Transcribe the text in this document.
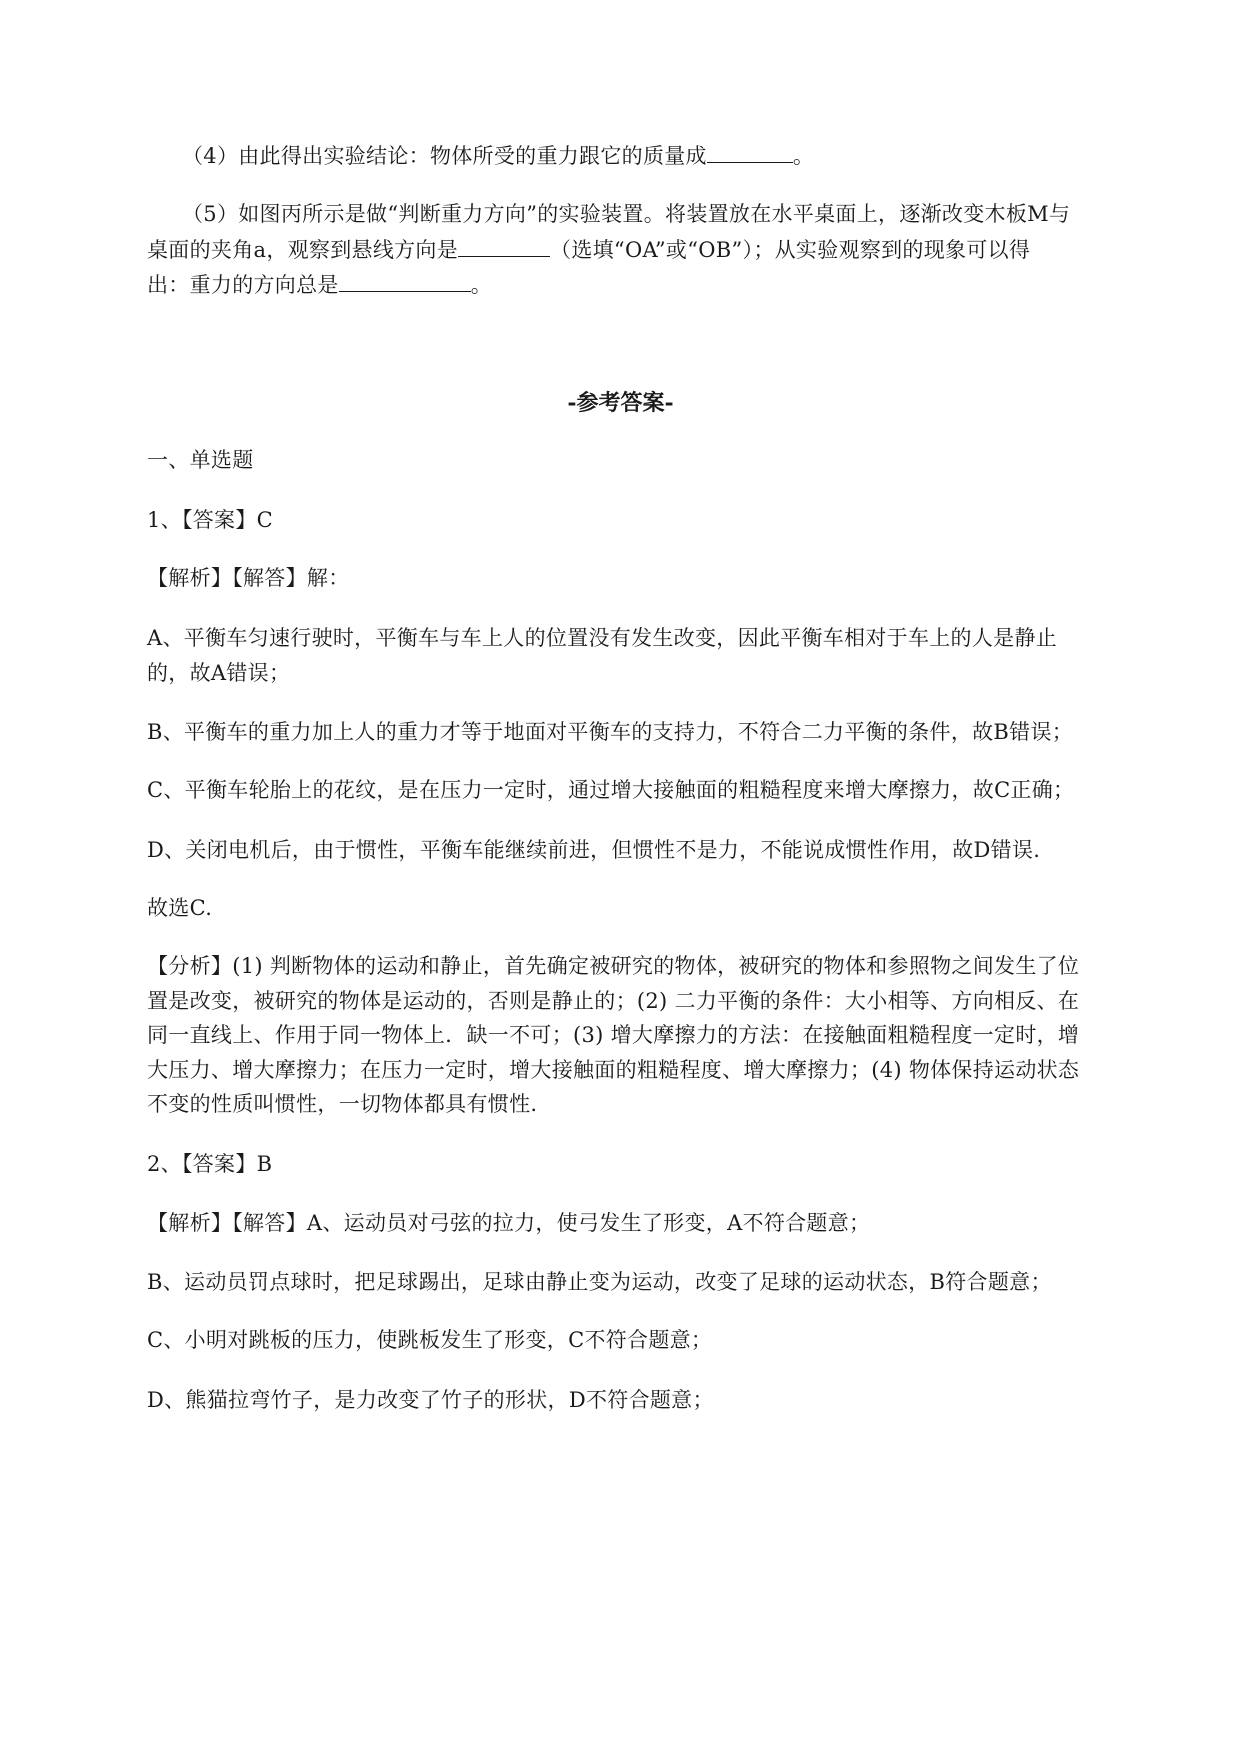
（4）由此得出实验结论：物体所受的重力跟它的质量成	。
（5）如图丙所示是做“判断重力方向”的实验装置。将装置放在水平桌面上，逐渐改变木板M与
桌面的夹角a，观察到悬线方向是	（选填“OA”或“OB”）；从实验观察到的现象可以得
出：重力的方向总是	。
-参考答案-
一、单选题
1、【答案】C
【解析】【解答】解：
A、平衡车匀速行驶时，平衡车与车上人的位置没有发生改变，因此平衡车相对于车上的人是静止
的，故A错误；
B、平衡车的重力加上人的重力才等于地面对平衡车的支持力，不符合二力平衡的条件，故B错误；
C、平衡车轮胎上的花纹，是在压力一定时，通过增大接触面的粗糙程度来增大摩擦力，故C正确；
D、关闭电机后，由于惯性，平衡车能继续前进，但惯性不是力，不能说成惯性作用，故D错误.
故选C.
【分析】(1) 判断物体的运动和静止，首先确定被研究的物体，被研究的物体和参照物之间发生了位
置是改变，被研究的物体是运动的，否则是静止的；(2) 二力平衡的条件：大小相等、方向相反、在
同一直线上、作用于同一物体上．缺一不可；(3) 增大摩擦力的方法：在接触面粗糙程度一定时，增
大压力、增大摩擦力；在压力一定时，增大接触面的粗糙程度、增大摩擦力；(4) 物体保持运动状态
不变的性质叫惯性，一切物体都具有惯性.
2、【答案】B
【解析】【解答】A、运动员对弓弦的拉力，使弓发生了形变，A不符合题意；
B、运动员罚点球时，把足球踢出，足球由静止变为运动，改变了足球的运动状态，B符合题意；
C、小明对跳板的压力，使跳板发生了形变，C不符合题意；
D、熊猫拉弯竹子，是力改变了竹子的形状，D不符合题意；
